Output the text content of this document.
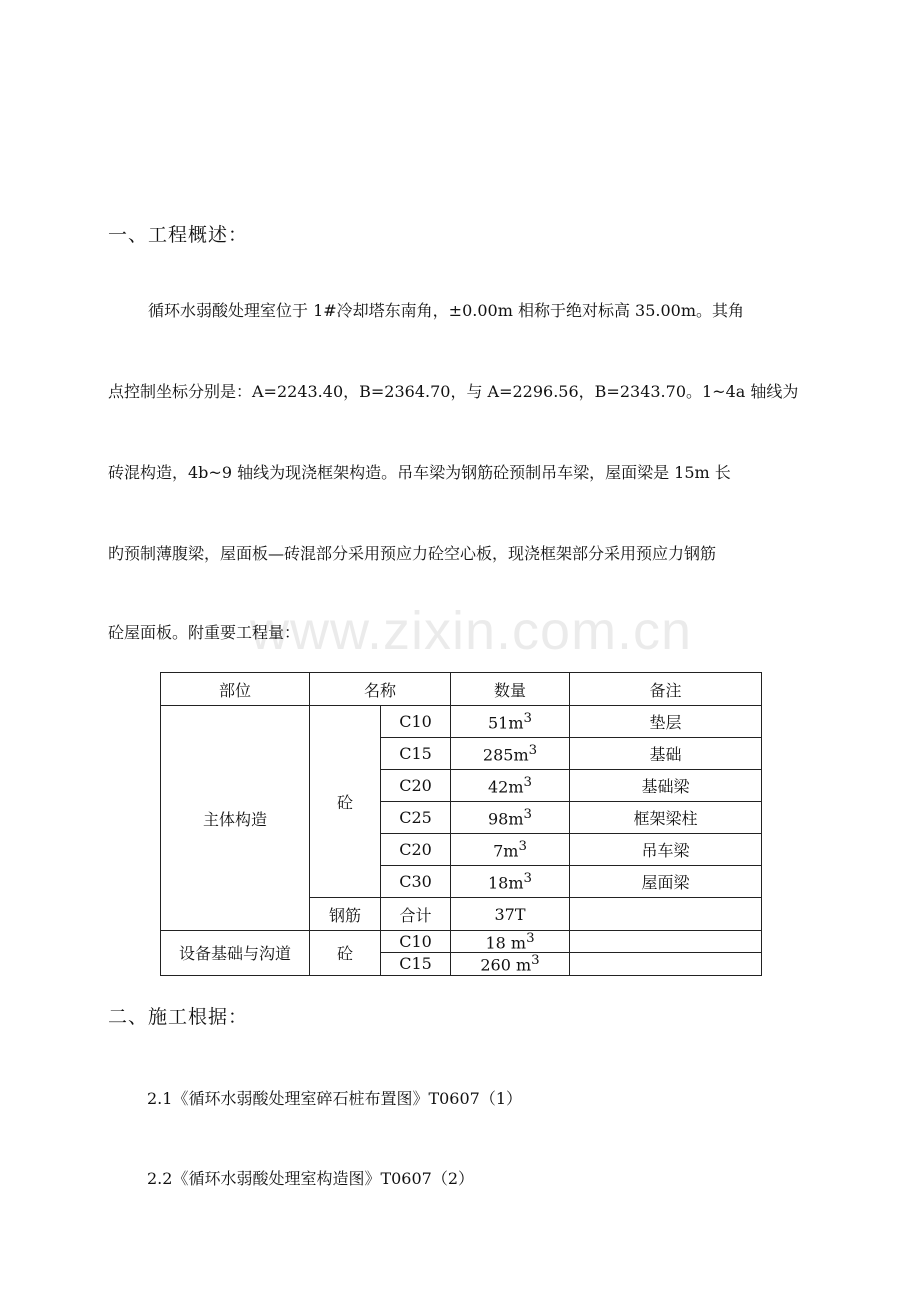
一、工程概述：
循环水弱酸处理室位于 1#冷却塔东南角，±0.00m 相称于绝对标高 35.00m。其角
点控制坐标分别是：A=2243.40，B=2364.70，与 A=2296.56，B=2343.70。1~4a 轴线为
砖混构造，4b~9 轴线为现浇框架构造。吊车梁为钢筋砼预制吊车梁，屋面梁是 15m 长
旳预制薄腹梁，屋面板—砖混部分采用预应力砼空心板，现浇框架部分采用预应力钢筋
砼屋面板。附重要工程量：
www.zixin.com.cn
部位	名称		数量	备注
主体构造	砼	C10	$51m^3$	垫层
		C15	$285m^3$	基础
		C20	$42m^3$	基础梁
		C25	$98m^3$	框架梁柱
		C20	$7m^3$	吊车梁
		C30	$18m^3$	屋面梁
	钢筋	合计	37T	
设备基础与沟道	砼	C10	18 $m^3$	
		C15	260 $m^3$	
二、施工根据：
2.1《循环水弱酸处理室碎石桩布置图》T0607（1）
2.2《循环水弱酸处理室构造图》T0607（2）
